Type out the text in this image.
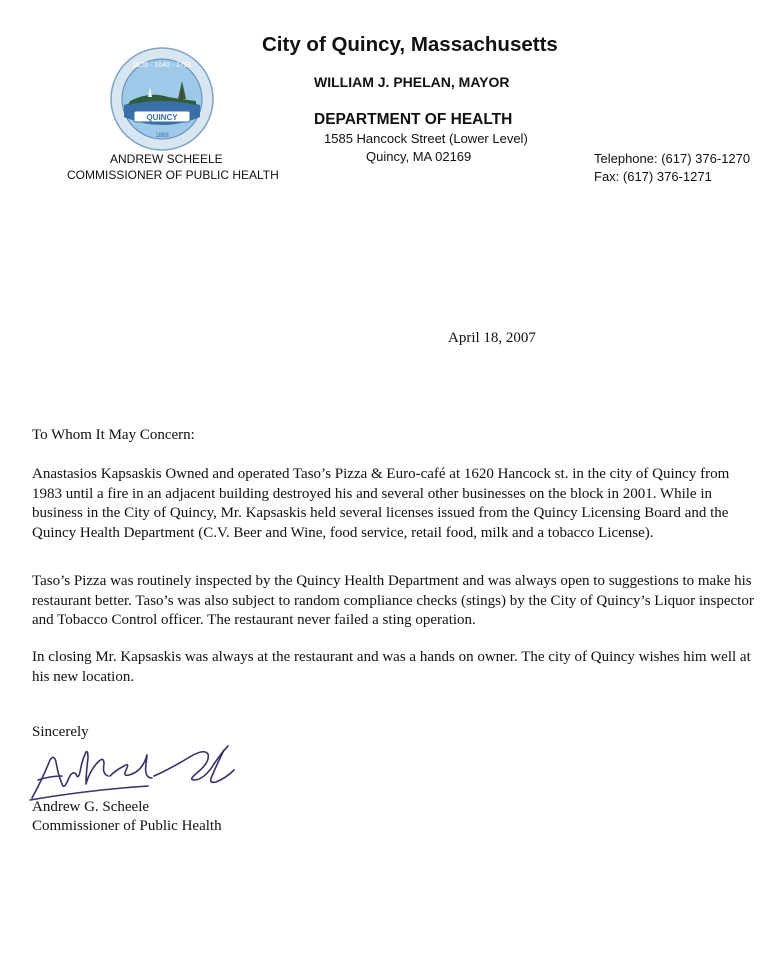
QUINCY
1625 · 1640 · 1792
1888
City of Quincy, Massachusetts
WILLIAM J. PHELAN, MAYOR
DEPARTMENT OF HEALTH
1585 Hancock Street (Lower Level)
Quincy, MA 02169
ANDREW SCHEELE
COMMISSIONER OF PUBLIC HEALTH
Telephone: (617) 376-1270
Fax: (617) 376-1271
April 18, 2007
To Whom It May Concern:
Anastasios Kapsaskis Owned and operated Taso’s Pizza & Euro-café at 1620 Hancock st. in the city of Quincy from 1983 until a fire in an adjacent building destroyed his and several other businesses on the block in 2001. While in business in the City of Quincy, Mr. Kapsaskis held several licenses issued from the Quincy Licensing Board and the Quincy Health Department (C.V. Beer and Wine, food service, retail food, milk and a tobacco License).
Taso’s Pizza was routinely inspected by the Quincy Health Department and was always open to suggestions to make his restaurant better. Taso’s was also subject to random compliance checks (stings) by the City of Quincy’s Liquor inspector and Tobacco Control officer. The restaurant never failed a sting operation.
In closing Mr. Kapsaskis was always at the restaurant and was a hands on owner. The city of Quincy wishes him well at his new location.
Sincerely
Andrew G. Scheele
Commissioner of Public Health
